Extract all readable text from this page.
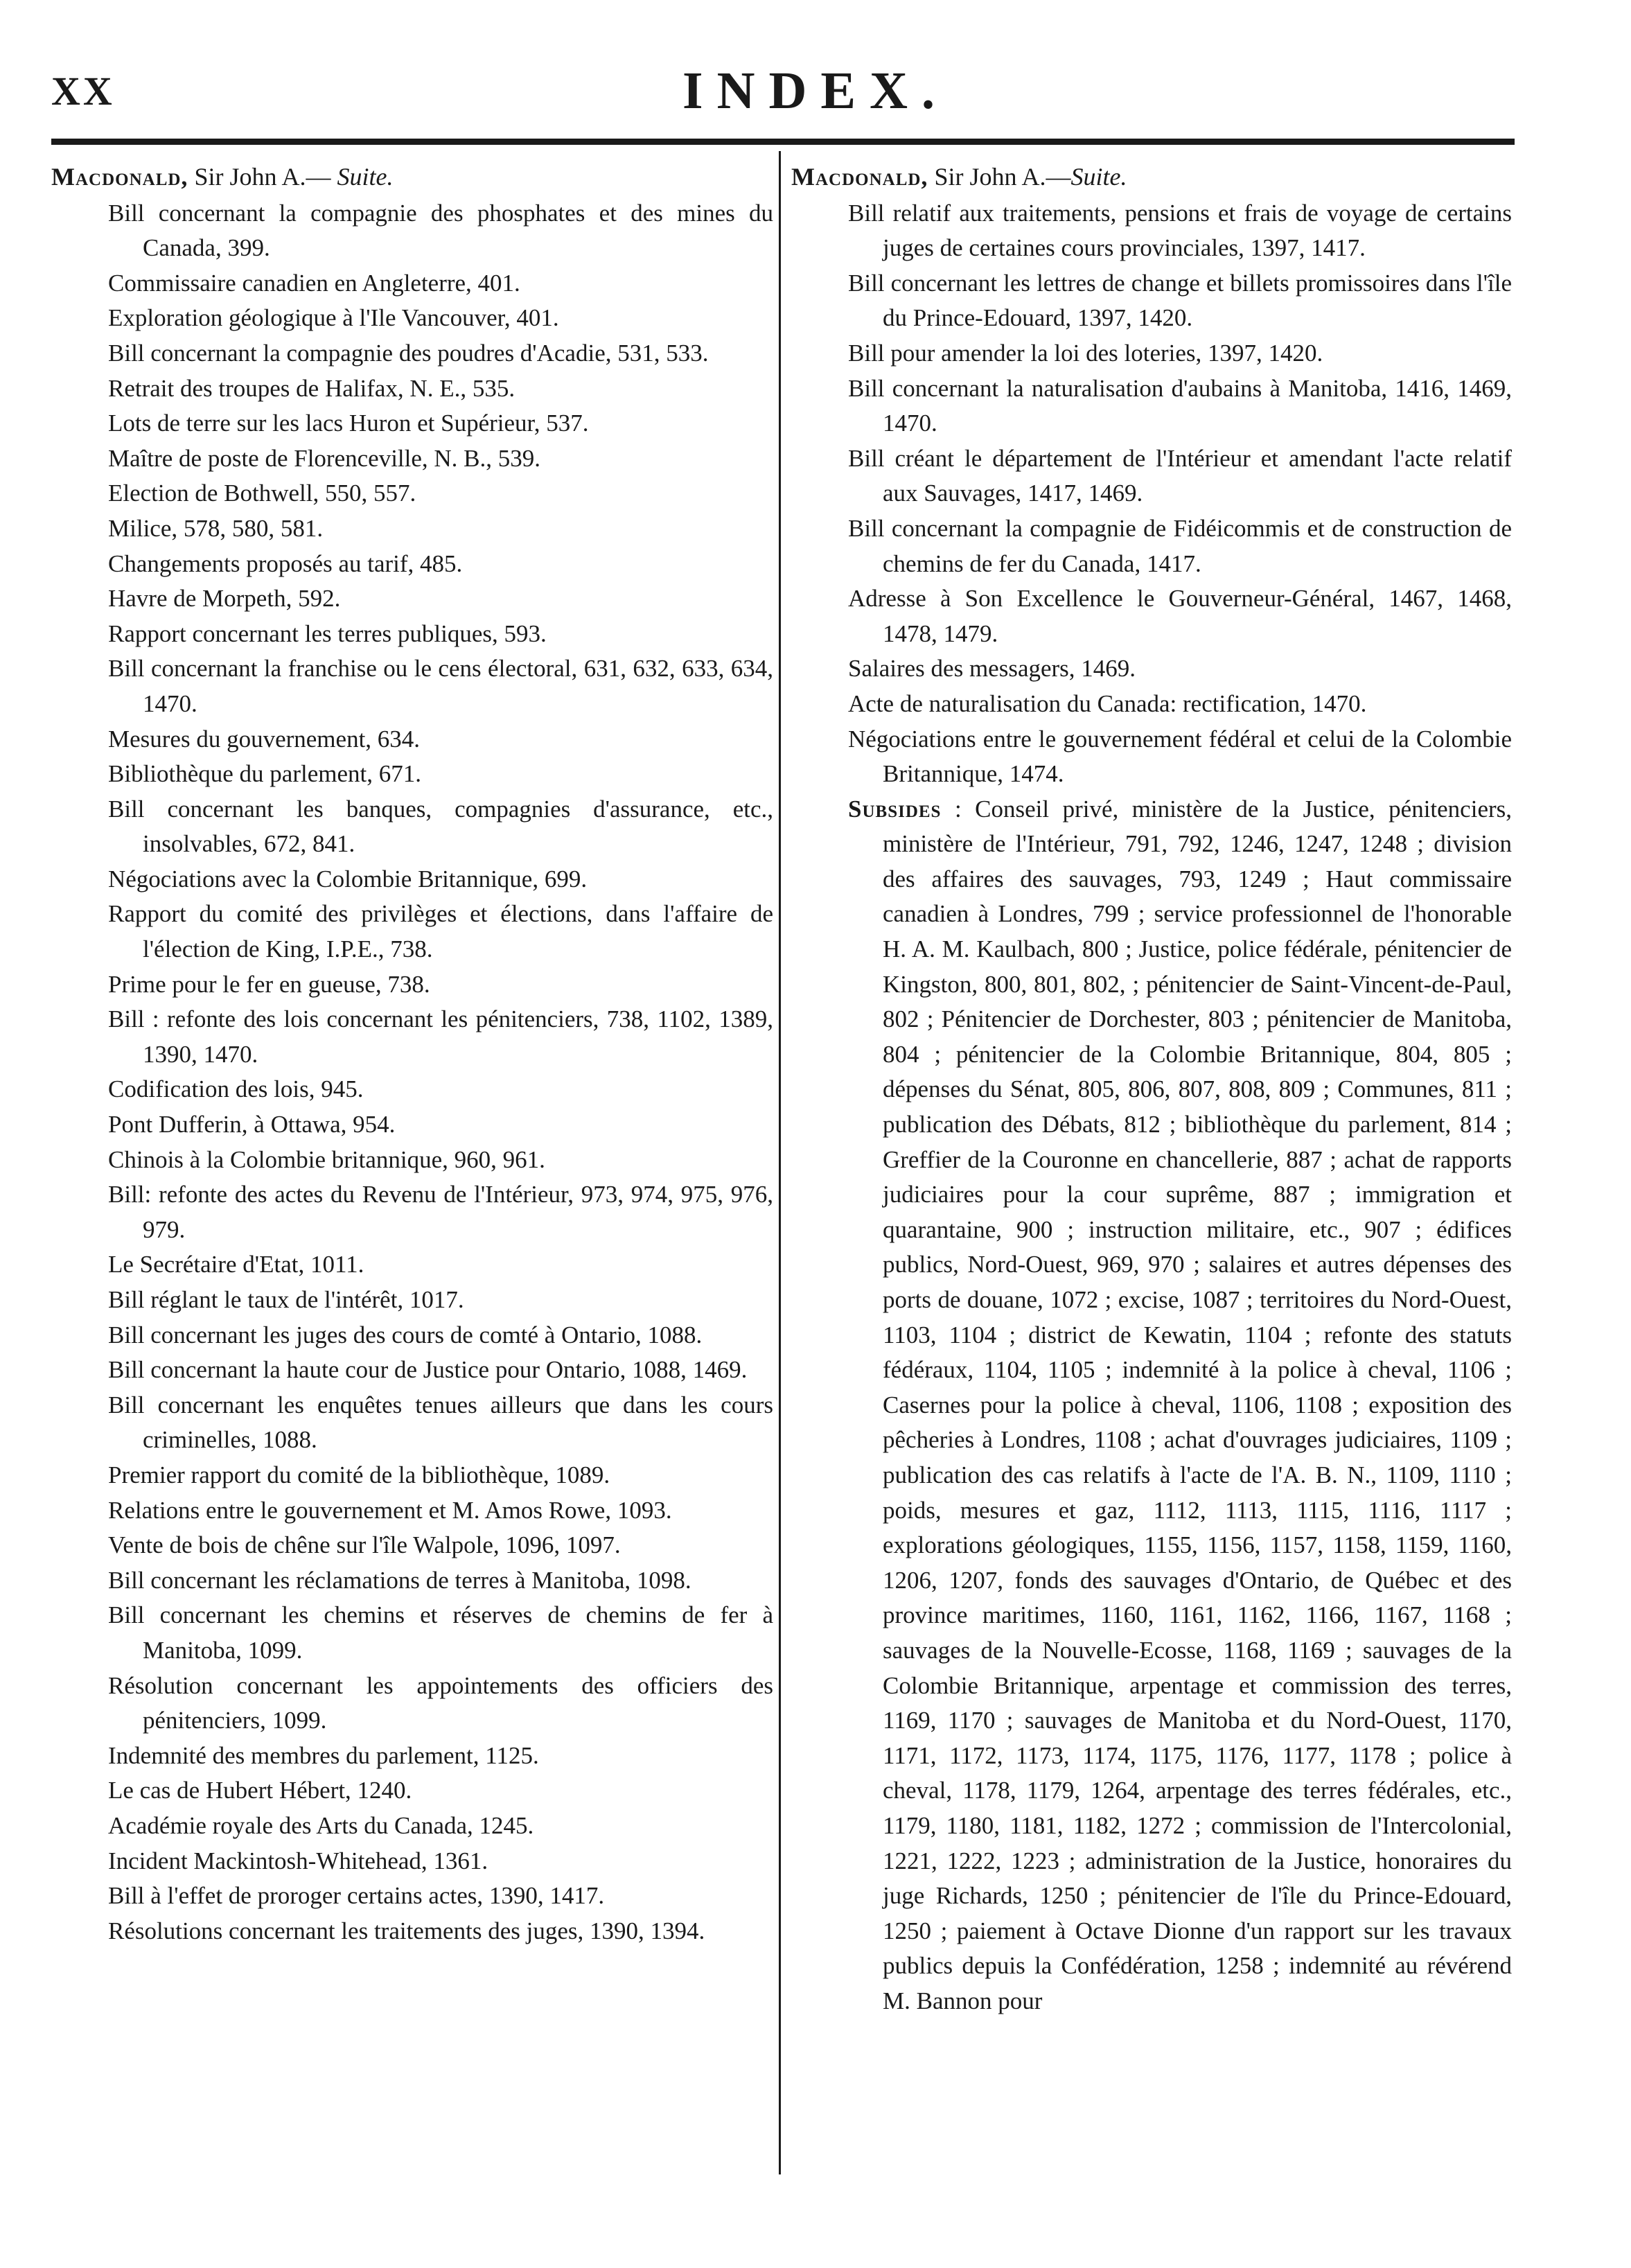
XX	INDEX.
Macdonald, Sir John A.— Suite.
Bill concernant la compagnie des phosphates et des mines du Canada, 399.
Commissaire canadien en Angleterre, 401.
Exploration géologique à l'Ile Vancouver, 401.
Bill concernant la compagnie des poudres d'Acadie, 531, 533.
Retrait des troupes de Halifax, N. E., 535.
Lots de terre sur les lacs Huron et Supérieur, 537.
Maître de poste de Florenceville, N. B., 539.
Election de Bothwell, 550, 557.
Milice, 578, 580, 581.
Changements proposés au tarif, 485.
Havre de Morpeth, 592.
Rapport concernant les terres publiques, 593.
Bill concernant la franchise ou le cens électoral, 631, 632, 633, 634, 1470.
Mesures du gouvernement, 634.
Bibliothèque du parlement, 671.
Bill concernant les banques, compagnies d'assurance, etc., insolvables, 672, 841.
Négociations avec la Colombie Britannique, 699.
Rapport du comité des privilèges et élections, dans l'affaire de l'élection de King, I.P.E., 738.
Prime pour le fer en gueuse, 738.
Bill : refonte des lois concernant les pénitenciers, 738, 1102, 1389, 1390, 1470.
Codification des lois, 945.
Pont Dufferin, à Ottawa, 954.
Chinois à la Colombie britannique, 960, 961.
Bill: refonte des actes du Revenu de l'Intérieur, 973, 974, 975, 976, 979.
Le Secrétaire d'Etat, 1011.
Bill réglant le taux de l'intérêt, 1017.
Bill concernant les juges des cours de comté à Ontario, 1088.
Bill concernant la haute cour de Justice pour Ontario, 1088, 1469.
Bill concernant les enquêtes tenues ailleurs que dans les cours criminelles, 1088.
Premier rapport du comité de la bibliothèque, 1089.
Relations entre le gouvernement et M. Amos Rowe, 1093.
Vente de bois de chêne sur l'île Walpole, 1096, 1097.
Bill concernant les réclamations de terres à Manitoba, 1098.
Bill concernant les chemins et réserves de chemins de fer à Manitoba, 1099.
Résolution concernant les appointements des officiers des pénitenciers, 1099.
Indemnité des membres du parlement, 1125.
Le cas de Hubert Hébert, 1240.
Académie royale des Arts du Canada, 1245.
Incident Mackintosh-Whitehead, 1361.
Bill à l'effet de proroger certains actes, 1390, 1417.
Résolutions concernant les traitements des juges, 1390, 1394.
Macdonald, Sir John A.—Suite.
Bill relatif aux traitements, pensions et frais de voyage de certains juges de certaines cours provinciales, 1397, 1417.
Bill concernant les lettres de change et billets promissoires dans l'île du Prince-Edouard, 1397, 1420.
Bill pour amender la loi des loteries, 1397, 1420.
Bill concernant la naturalisation d'aubains à Manitoba, 1416, 1469, 1470.
Bill créant le département de l'Intérieur et amendant l'acte relatif aux Sauvages, 1417, 1469.
Bill concernant la compagnie de Fidéicommis et de construction de chemins de fer du Canada, 1417.
Adresse à Son Excellence le Gouverneur-Général, 1467, 1468, 1478, 1479.
Salaires des messagers, 1469.
Acte de naturalisation du Canada: rectification, 1470.
Négociations entre le gouvernement fédéral et celui de la Colombie Britannique, 1474.
Subsides : Conseil privé, ministère de la Justice, pénitenciers, ministère de l'Intérieur, 791, 792, 1246, 1247, 1248 ; division des affaires des sauvages, 793, 1249 ; Haut commissaire canadien à Londres, 799 ; service professionnel de l'honorable H. A. M. Kaulbach, 800 ; Justice, police fédérale, pénitencier de Kingston, 800, 801, 802, ; pénitencier de Saint-Vincent-de-Paul, 802 ; Pénitencier de Dorchester, 803 ; pénitencier de Manitoba, 804 ; pénitencier de la Colombie Britannique, 804, 805 ; dépenses du Sénat, 805, 806, 807, 808, 809 ; Communes, 811 ; publication des Débats, 812 ; bibliothèque du parlement, 814 ; Greffier de la Couronne en chancellerie, 887 ; achat de rapports judiciaires pour la cour suprême, 887 ; immigration et quarantaine, 900 ; instruction militaire, etc., 907 ; édifices publics, Nord-Ouest, 969, 970 ; salaires et autres dépenses des ports de douane, 1072 ; excise, 1087 ; territoires du Nord-Ouest, 1103, 1104 ; district de Kewatin, 1104 ; refonte des statuts fédéraux, 1104, 1105 ; indemnité à la police à cheval, 1106 ; Casernes pour la police à cheval, 1106, 1108 ; exposition des pêcheries à Londres, 1108 ; achat d'ouvrages judiciaires, 1109 ; publication des cas relatifs à l'acte de l'A. B. N., 1109, 1110 ; poids, mesures et gaz, 1112, 1113, 1115, 1116, 1117 ; explorations géologiques, 1155, 1156, 1157, 1158, 1159, 1160, 1206, 1207, fonds des sauvages d'Ontario, de Québec et des province maritimes, 1160, 1161, 1162, 1166, 1167, 1168 ; sauvages de la Nouvelle-Ecosse, 1168, 1169 ; sauvages de la Colombie Britannique, arpentage et commission des terres, 1169, 1170 ; sauvages de Manitoba et du Nord-Ouest, 1170, 1171, 1172, 1173, 1174, 1175, 1176, 1177, 1178 ; police à cheval, 1178, 1179, 1264, arpentage des terres fédérales, etc., 1179, 1180, 1181, 1182, 1272 ; commission de l'Intercolonial, 1221, 1222, 1223 ; administration de la Justice, honoraires du juge Richards, 1250 ; pénitencier de l'île du Prince-Edouard, 1250 ; paiement à Octave Dionne d'un rapport sur les travaux publics depuis la Confédération, 1258 ; indemnité au révérend M. Bannon pour
